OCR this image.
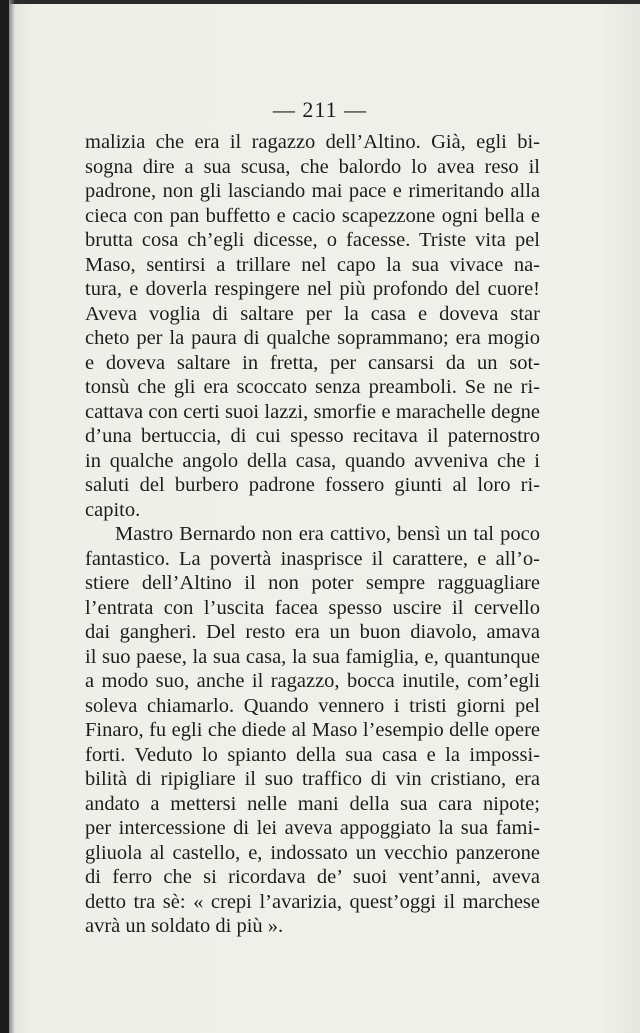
— 211 —
malizia che era il ragazzo dell’Altino. Già, egli bi-
sogna dire a sua scusa, che balordo lo avea reso il
padrone, non gli lasciando mai pace e rimeritando alla
cieca con pan buffetto e cacio scapezzone ogni bella e
brutta cosa ch’egli dicesse, o facesse. Triste vita pel
Maso, sentirsi a trillare nel capo la sua vivace na-
tura, e doverla respingere nel più profondo del cuore!
Aveva voglia di saltare per la casa e doveva star
cheto per la paura di qualche soprammano; era mogio
e doveva saltare in fretta, per cansarsi da un sot-
tonsù che gli era scoccato senza preamboli. Se ne ri-
cattava con certi suoi lazzi, smorfie e marachelle degne
d’una bertuccia, di cui spesso recitava il paternostro
in qualche angolo della casa, quando avveniva che i
saluti del burbero padrone fossero giunti al loro ri-
capito.
Mastro Bernardo non era cattivo, bensì un tal poco
fantastico. La povertà inasprisce il carattere, e all’o-
stiere dell’Altino il non poter sempre ragguagliare
l’entrata con l’uscita facea spesso uscire il cervello
dai gangheri. Del resto era un buon diavolo, amava
il suo paese, la sua casa, la sua famiglia, e, quantunque
a modo suo, anche il ragazzo, bocca inutile, com’egli
soleva chiamarlo. Quando vennero i tristi giorni pel
Finaro, fu egli che diede al Maso l’esempio delle opere
forti. Veduto lo spianto della sua casa e la impossi-
bilità di ripigliare il suo traffico di vin cristiano, era
andato a mettersi nelle mani della sua cara nipote;
per intercessione di lei aveva appoggiato la sua fami-
gliuola al castello, e, indossato un vecchio panzerone
di ferro che si ricordava de’ suoi vent’anni, aveva
detto tra sè: « crepi l’avarizia, quest’oggi il marchese
avrà un soldato di più ».
